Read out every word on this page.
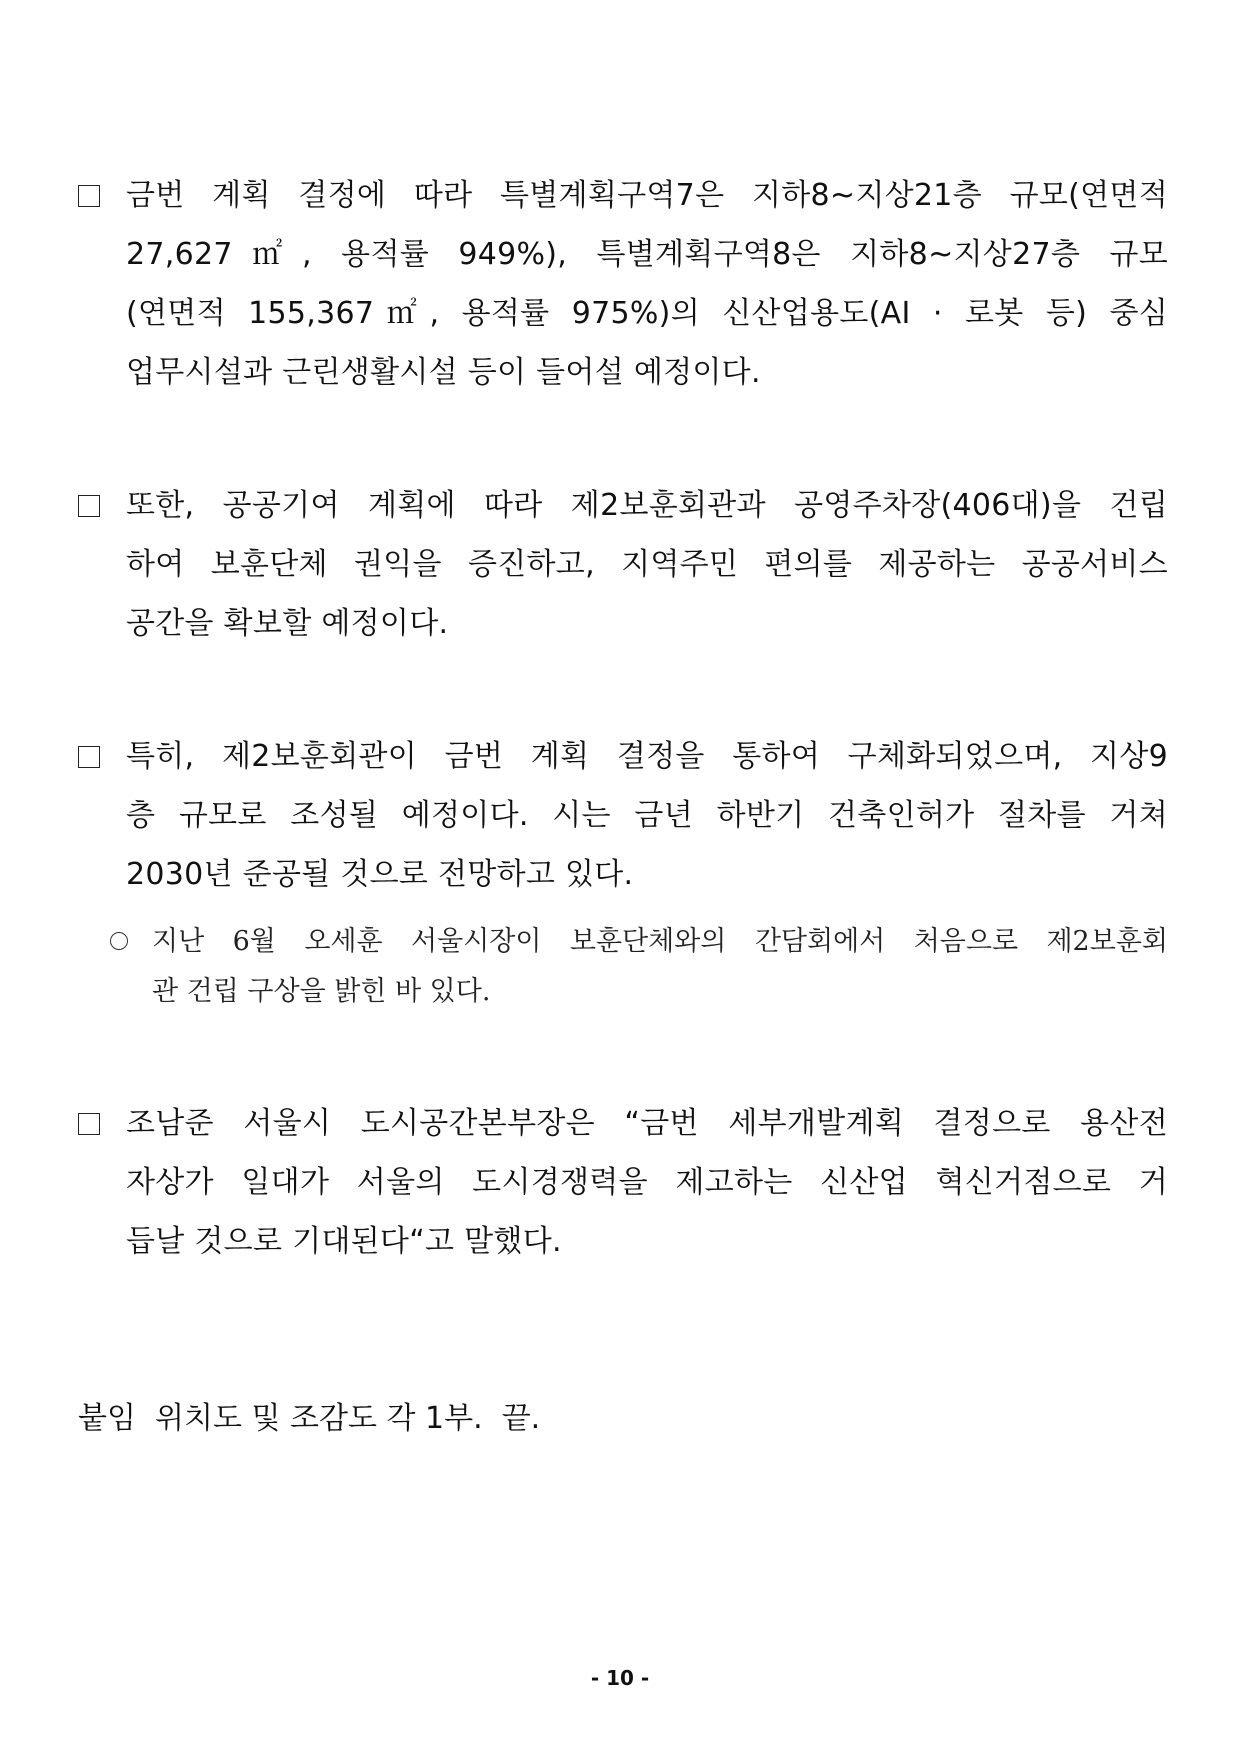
금번 계획 결정에 따라 특별계획구역7은 지하8~지상21층 규모(연면적
27,627㎡, 용적률 949%), 특별계획구역8은 지하8~지상27층 규모
(연면적 155,367㎡, 용적률 975%)의 신산업용도(AI · 로봇 등) 중심
업무시설과 근린생활시설 등이 들어설 예정이다.
또한, 공공기여 계획에 따라 제2보훈회관과 공영주차장(406대)을 건립
하여 보훈단체 권익을 증진하고, 지역주민 편의를 제공하는 공공서비스
공간을 확보할 예정이다.
특히, 제2보훈회관이 금번 계획 결정을 통하여 구체화되었으며, 지상9
층 규모로 조성될 예정이다. 시는 금년 하반기 건축인허가 절차를 거쳐
2030년 준공될 것으로 전망하고 있다.
지난 6월 오세훈 서울시장이 보훈단체와의 간담회에서 처음으로 제2보훈회
관 건립 구상을 밝힌 바 있다.
조남준 서울시 도시공간본부장은 “금번 세부개발계획 결정으로 용산전
자상가 일대가 서울의 도시경쟁력을 제고하는 신산업 혁신거점으로 거
듭날 것으로 기대된다“고 말했다.
붙임  위치도 및 조감도 각 1부.  끝.
- 10 -
